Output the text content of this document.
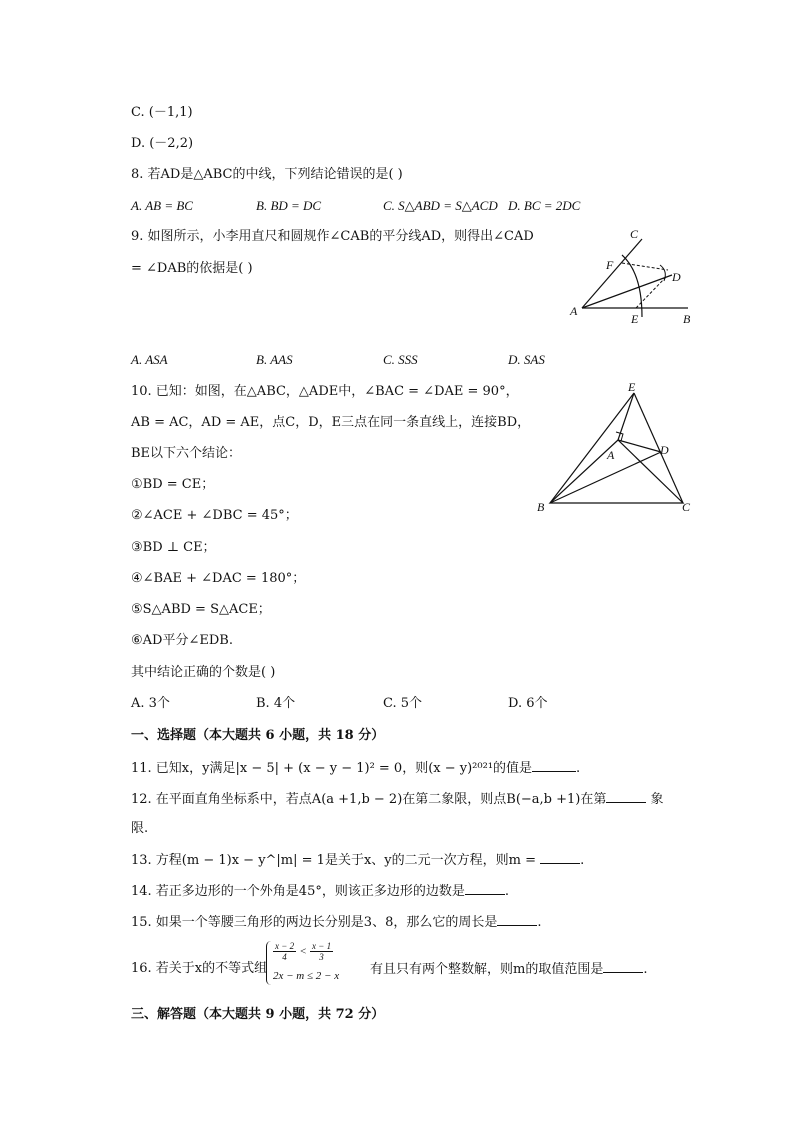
C. (－1,1)
D. (－2,2)
8. 若AD是△ABC的中线，下列结论错误的是( )
A. AB = BC	B. BD = DC	C. S△ABD = S△ACD D. BC = 2DC
9. 如图所示，小李用直尺和圆规作∠CAB的平分线AD，则得出∠CAD
= ∠DAB的依据是( )
C
F
D
A
E	B
A. ASA	B. AAS	C. SSS	D. SAS
10. 已知：如图，在△ABC，△ADE中，∠BAC = ∠DAE = 90°，
AB = AC，AD = AE，点C，D，E三点在同一条直线上，连接BD，
BE以下六个结论：
①BD = CE；
②∠ACE + ∠DBC = 45°；
③BD ⊥ CE；
④∠BAE + ∠DAC = 180°；
⑤S△ABD = S△ACE；
⑥AD平分∠EDB.
其中结论正确的个数是( )
E
A	D
B	C
A. 3个	B. 4个	C. 5个	D. 6个
一、选择题（本大题共 6 小题，共 18 分）
11. 已知x，y满足|x − 5| + (x − y − 1)² = 0，则(x − y)²⁰²¹的值是	.
12. 在平面直角坐标系中，若点A(a +1,b − 2)在第二象限，则点B(−a,b +1)在第	象
限.
13. 方程(m − 1)x − y^|m| = 1是关于x、y的二元一次方程，则m =	.
14. 若正多边形的一个外角是45°，则该正多边形的边数是	.
15. 如果一个等腰三角形的两边长分别是3、8，那么它的周长是	.
16. 若关于x的不等式组
$\frac{x - 2}{4} < \frac{x - 1}{3}$
2x − m ≤ 2 − x 有且只有两个整数解，则m的取值范围是	.
三、解答题（本大题共 9 小题，共 72 分）
